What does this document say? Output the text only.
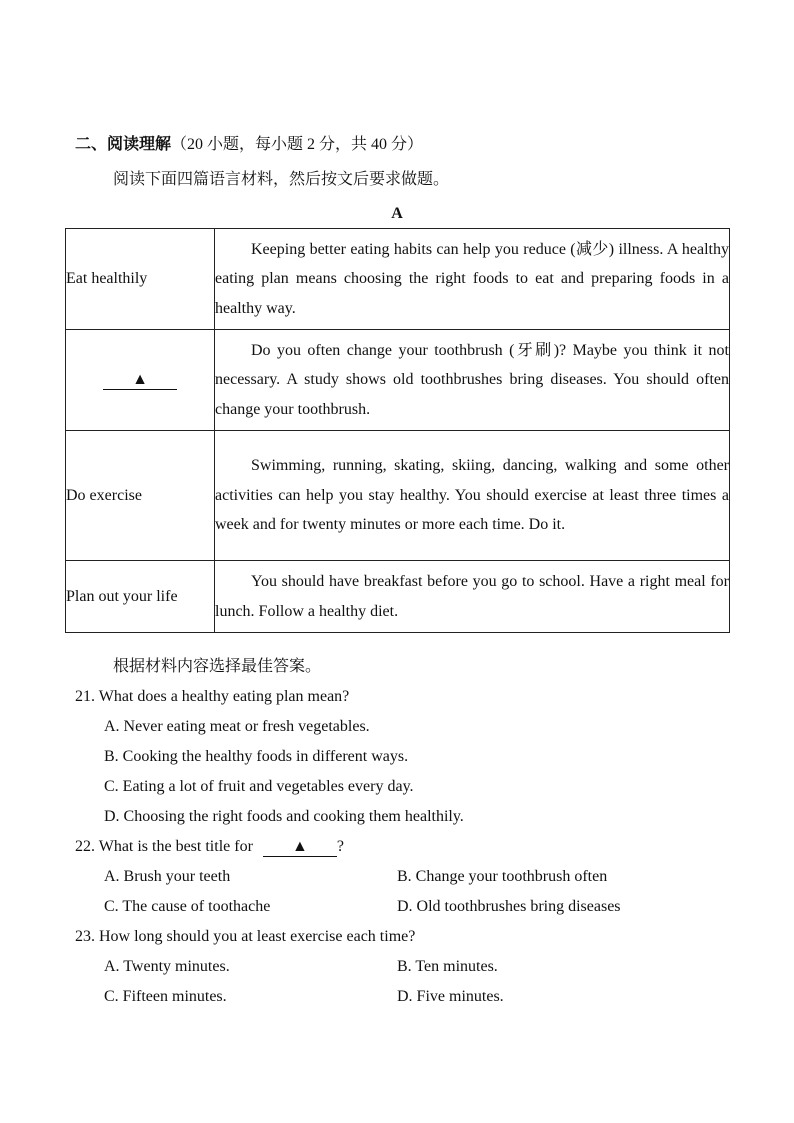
二、阅读理解（20 小题，每小题 2 分，共 40 分）
阅读下面四篇语言材料，然后按文后要求做题。
A
Eat healthily	Keeping better eating habits can help you reduce (减少) illness. A healthy eating plan means choosing the right foods to eat and preparing foods in a healthy way.

▲	Do you often change your toothbrush (牙刷)? Maybe you think it not necessary. A study shows old toothbrushes bring diseases. You should often change your toothbrush.

Do exercise	Swimming, running, skating, skiing, dancing, walking and some other activities can help you stay healthy. You should exercise at least three times a week and for twenty minutes or more each time. Do it.

Plan out your life	You should have breakfast before you go to school. Have a right meal for lunch. Follow a healthy diet.

根据材料内容选择最佳答案。
21. What does a healthy eating plan mean?
A. Never eating meat or fresh vegetables.
B. Cooking the healthy foods in different ways.
C. Eating a lot of fruit and vegetables every day.
D. Choosing the right foods and cooking them healthily.
22. What is the best title for ▲ ?
A. Brush your teeth	B. Change your toothbrush often
C. The cause of toothache	D. Old toothbrushes bring diseases
23. How long should you at least exercise each time?
A. Twenty minutes.	B. Ten minutes.
C. Fifteen minutes.	D. Five minutes.
